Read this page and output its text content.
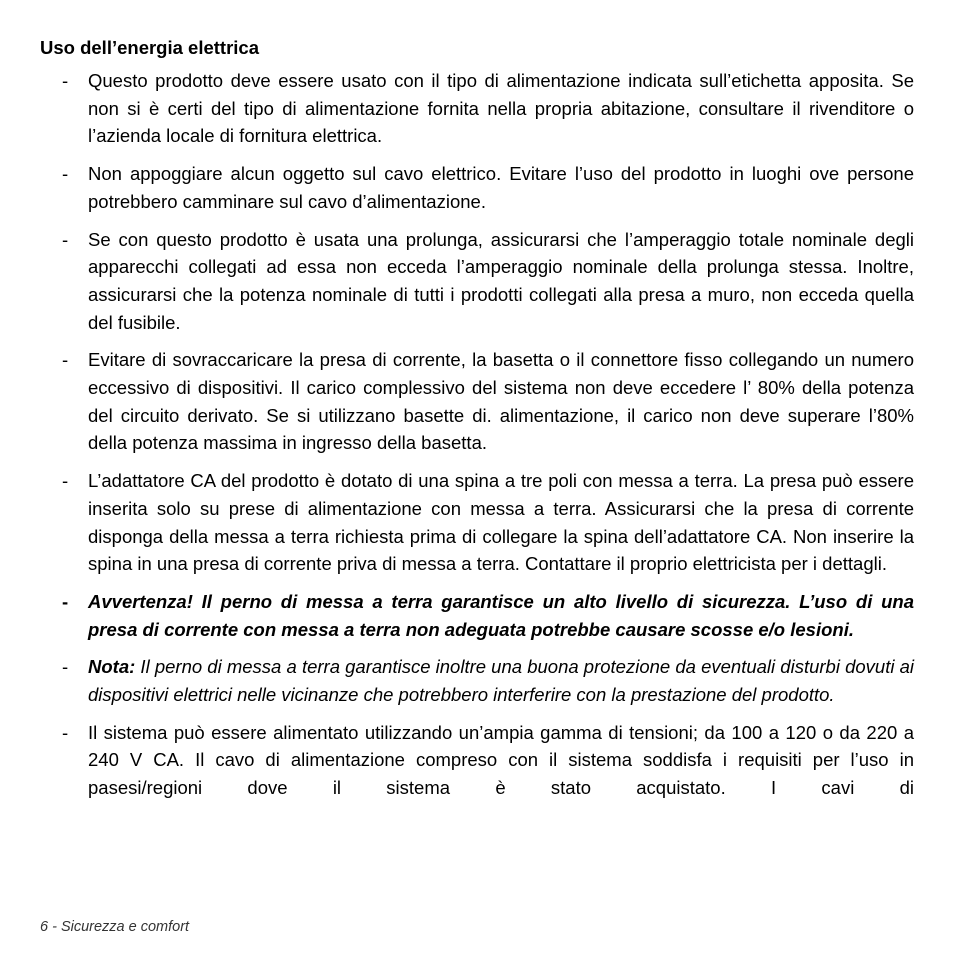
Uso dell’energia elettrica
- Questo prodotto deve essere usato con il tipo di alimentazione indicata sull’etichetta apposita. Se non si è certi del tipo di alimentazione fornita nella propria abitazione, consultare il rivenditore o l’azienda locale di fornitura elettrica.
- Non appoggiare alcun oggetto sul cavo elettrico. Evitare l’uso del prodotto in luoghi ove persone potrebbero camminare sul cavo d’alimentazione.
- Se con questo prodotto è usata una prolunga, assicurarsi che l’amperaggio totale nominale degli apparecchi collegati ad essa non ecceda l’amperaggio nominale della prolunga stessa. Inoltre, assicurarsi che la potenza nominale di tutti i prodotti collegati alla presa a muro, non ecceda quella del fusibile.
- Evitare di sovraccaricare la presa di corrente, la basetta o il connettore fisso collegando un numero eccessivo di dispositivi. Il carico complessivo del sistema non deve eccedere l’ 80% della potenza del circuito derivato. Se si utilizzano basette di. alimentazione, il carico non deve superare l’80% della potenza massima in ingresso della basetta.
- L’adattatore CA del prodotto è dotato di una spina a tre poli con messa a terra. La presa può essere inserita solo su prese di alimentazione con messa a terra. Assicurarsi che la presa di corrente disponga della messa a terra richiesta prima di collegare la spina dell’adattatore CA. Non inserire la spina in una presa di corrente priva di messa a terra. Contattare il proprio elettricista per i dettagli.
- Avvertenza! Il perno di messa a terra garantisce un alto livello di sicurezza. L’uso di una presa di corrente con messa a terra non adeguata potrebbe causare scosse e/o lesioni.
- Nota: Il perno di messa a terra garantisce inoltre una buona protezione da eventuali disturbi dovuti ai dispositivi elettrici nelle vicinanze che potrebbero interferire con la prestazione del prodotto.
- Il sistema può essere alimentato utilizzando un’ampia gamma di tensioni; da 100 a 120 o da 220 a 240 V CA. Il cavo di alimentazione compreso con il sistema soddisfa i requisiti per l’uso in pasesi/regioni dove il sistema è stato acquistato. I cavi di

6 - Sicurezza e comfort
